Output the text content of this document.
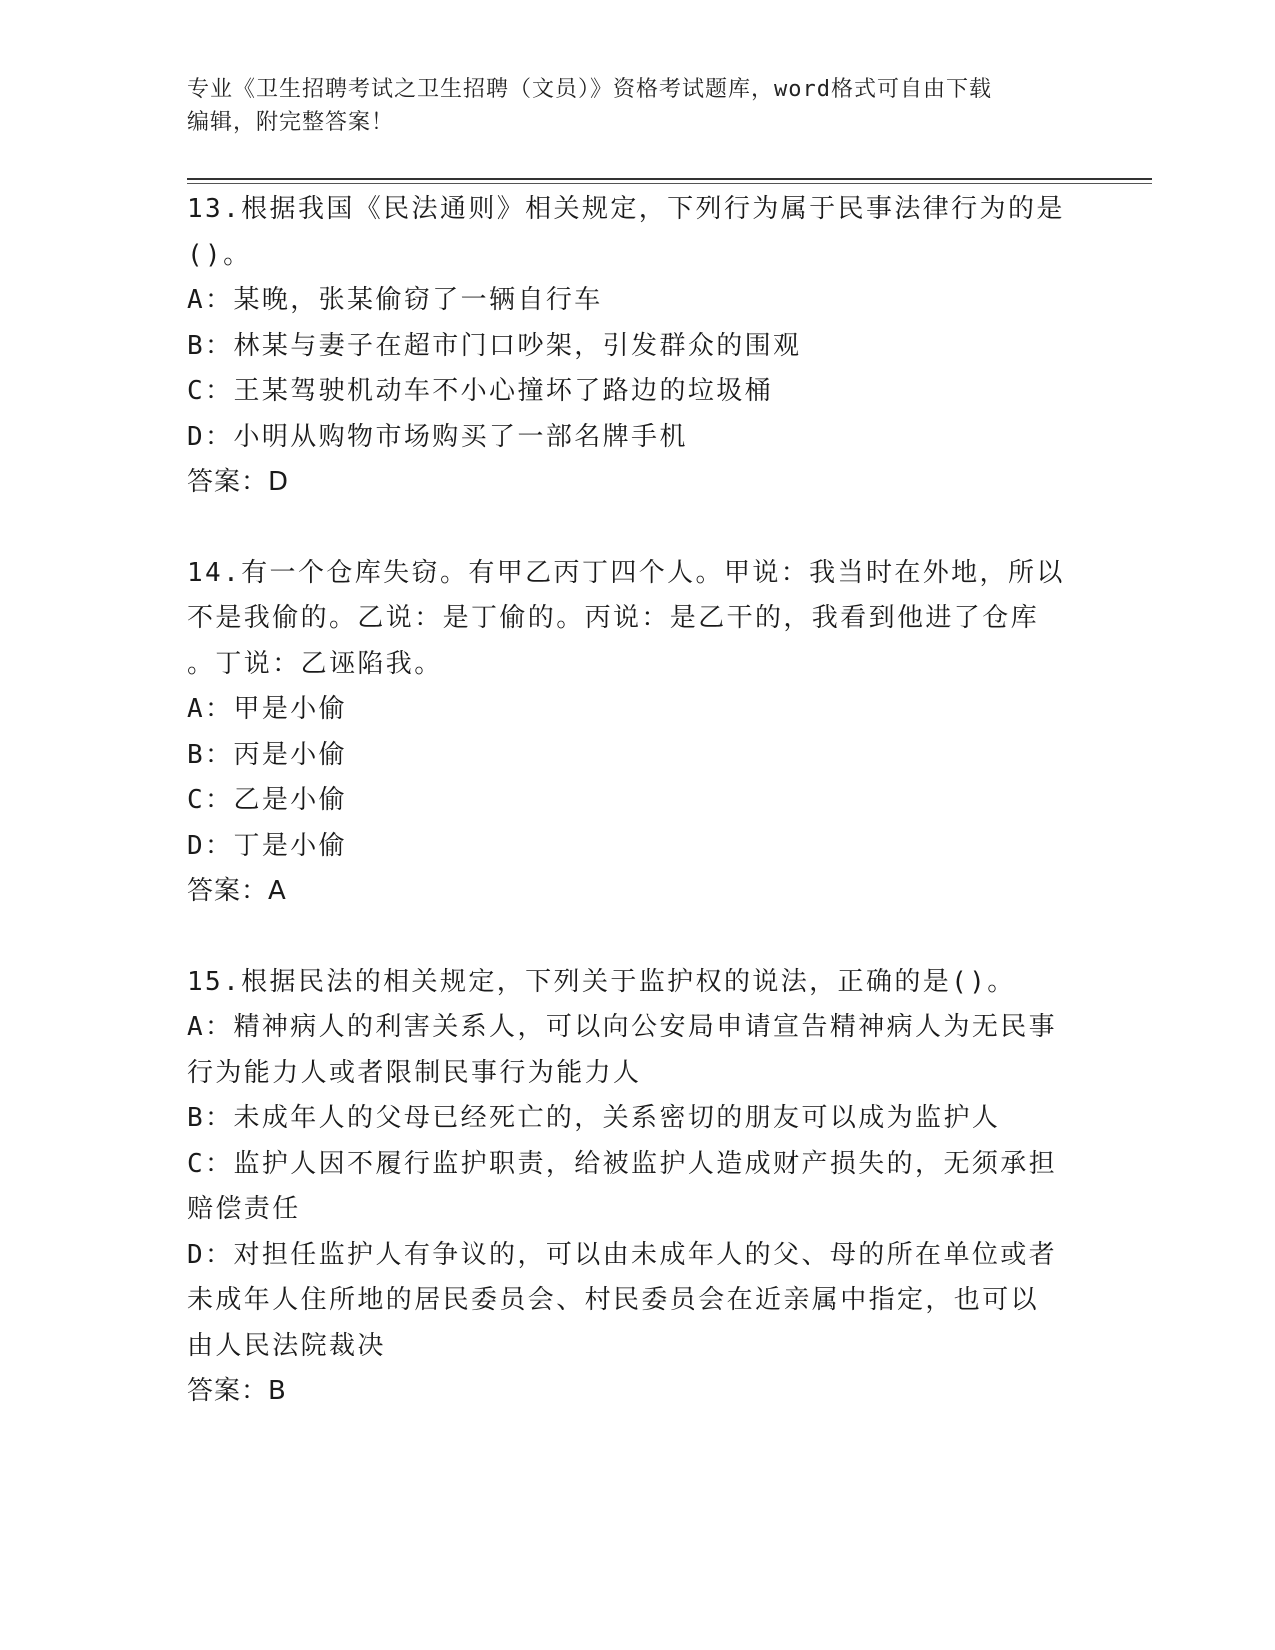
专业《卫生招聘考试之卫生招聘（文员）》资格考试题库，word格式可自由下载
编辑，附完整答案！
13.根据我国《民法通则》相关规定，下列行为属于民事法律行为的是
()。
A：某晚，张某偷窃了一辆自行车
B：林某与妻子在超市门口吵架，引发群众的围观
C：王某驾驶机动车不小心撞坏了路边的垃圾桶
D：小明从购物市场购买了一部名牌手机
答案：D
14.有一个仓库失窃。有甲乙丙丁四个人。甲说：我当时在外地，所以
不是我偷的。乙说：是丁偷的。丙说：是乙干的，我看到他进了仓库
。丁说：乙诬陷我。
A：甲是小偷
B：丙是小偷
C：乙是小偷
D：丁是小偷
答案：A
15.根据民法的相关规定，下列关于监护权的说法，正确的是()。
A：精神病人的利害关系人，可以向公安局申请宣告精神病人为无民事
行为能力人或者限制民事行为能力人
B：未成年人的父母已经死亡的，关系密切的朋友可以成为监护人
C：监护人因不履行监护职责，给被监护人造成财产损失的，无须承担
赔偿责任
D：对担任监护人有争议的，可以由未成年人的父、母的所在单位或者
未成年人住所地的居民委员会、村民委员会在近亲属中指定，也可以
由人民法院裁决
答案：B
